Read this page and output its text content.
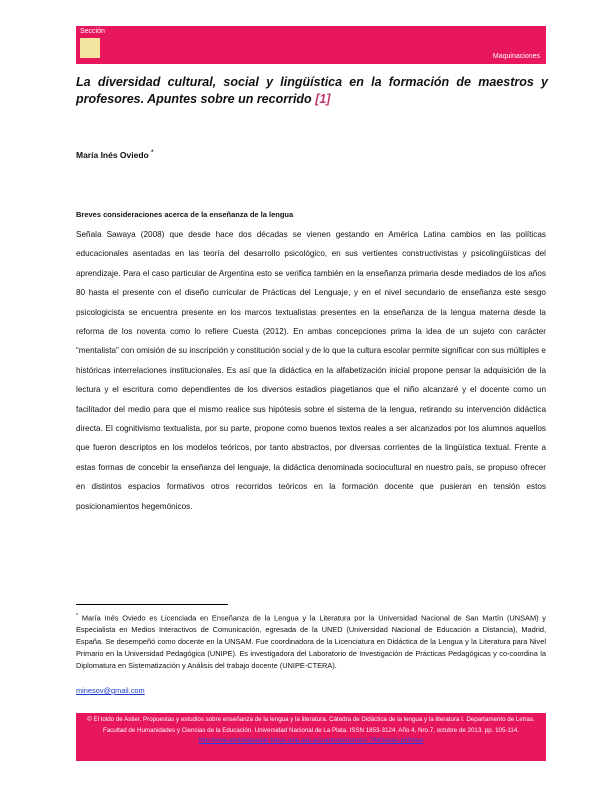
Sección
Maquinaciones
La diversidad cultural, social y lingüística en la formación de maestros y profesores. Apuntes sobre un recorrido [1]
María Inés Oviedo *
Breves consideraciones acerca de la enseñanza de la lengua

Señala Sawaya (2008) que desde hace dos décadas se vienen gestando en América Latina cambios en las políticas educacionales asentadas en las teoría del desarrollo psicológico, en sus vertientes constructivistas y psicolingüísticas del aprendizaje. Para el caso particular de Argentina esto se verifica también en la enseñanza primaria desde mediados de los años 80 hasta el presente con el diseño curricular de Prácticas del Lenguaje, y en el nivel secundario de enseñanza este sesgo psicologicista se encuentra presente en los marcos textualistas presentes en la enseñanza de la lengua materna desde la reforma de los noventa como lo refiere Cuesta (2012). En ambas concepciones prima la idea de un sujeto con carácter “mentalista” con omisión de su inscripción y constitución social y de lo que la cultura escolar permite significar con sus múltiples e históricas interrelaciones institucionales. Es así que la didáctica en la alfabetización inicial propone pensar la adquisición de la lectura y el escritura como dependientes de los diversos estadios piagetianos que el niño alcanzaré y el docente como un facilitador del medio para que el mismo realice sus hipótesis sobre el sistema de la lengua, retirando su intervención didáctica directa. El cognitivismo textualista, por su parte, propone como buenos textos reales a ser alcanzados por los alumnos aquellos que fueron descriptos en los modelos teóricos, por tanto abstractos, por diversas corrientes de la lingüística textual. Frente a estas formas de concebir la enseñanza del lenguaje, la didáctica denominada sociocultural en nuestro país, se propuso ofrecer en distintos espacios formativos otros recorridos teóricos en la formación docente que pusieran en tensión estos posicionamientos hegemónicos.

* María Inés Oviedo es Licenciada en Enseñanza de la Lengua y la Literatura por la Universidad Nacional de San Martín (UNSAM) y Especialista en Medios Interactivos de Comunicación, egresada de la UNED (Universidad Nacional de Educación a Distancia), Madrid, España. Se desempeñó como docente en la UNSAM. Fue coordinadora de la Licenciatura en Didáctica de la Lengua y la Literatura para Nivel Primario en la Universidad Pedagógica (UNIPE). Es investigadora del Laboratorio de Investigación de Prácticas Pedagógicas y co-coordina la Diplomatura en Sistematización y Análisis del trabajo docente (UNIPE-CTERA).

minesov@gmail.com
© El toldo de Astier. Propuestas y estudios sobre enseñanza de la lengua y la literatura. Cátedra de Didáctica de la lengua y la literatura I. Departamento de Letras. Facultad de Humanidades y Ciencias de la Educación. Universidad Nacional de La Plata. ISSN 1853-3124. Año 4, Nro.7, octubre de 2013. pp. 105-114.
http://www.eltoldodeastier.fahce.unlp.edu.ar/numeros/numero-7/MOviedo.pdf/view
